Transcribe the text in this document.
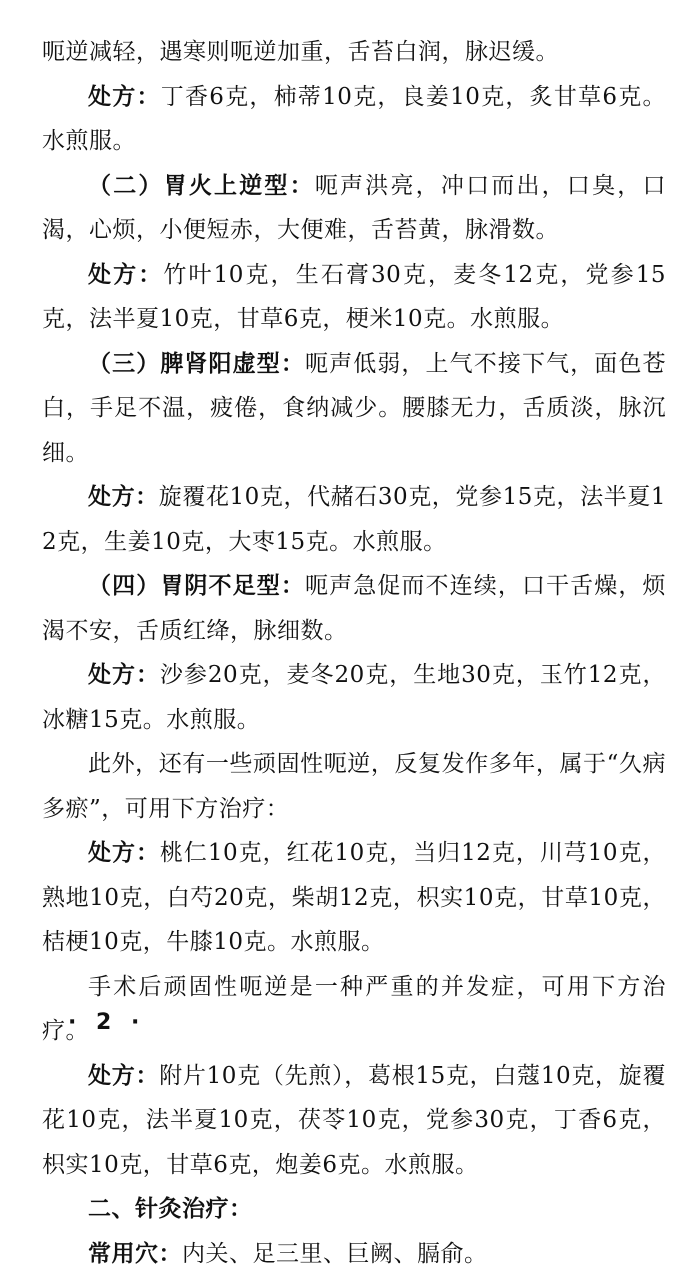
呃逆减轻，遇寒则呃逆加重，舌苔白润，脉迟缓。

处方：丁香6克，柿蒂10克，良姜10克，炙甘草6克。水煎服。

（二）胃火上逆型：呃声洪亮，冲口而出，口臭，口渴，心烦，小便短赤，大便难，舌苔黄，脉滑数。

处方：竹叶10克，生石膏30克，麦冬12克，党参15克，法半夏10克，甘草6克，梗米10克。水煎服。

（三）脾肾阳虚型：呃声低弱，上气不接下气，面色苍白，手足不温，疲倦，食纳减少。腰膝无力，舌质淡，脉沉细。

处方：旋覆花10克，代赭石30克，党参15克，法半夏12克，生姜10克，大枣15克。水煎服。

（四）胃阴不足型：呃声急促而不连续，口干舌燥，烦渴不安，舌质红绛，脉细数。

处方：沙参20克，麦冬20克，生地30克，玉竹12克，冰糖15克。水煎服。

此外，还有一些顽固性呃逆，反复发作多年，属于“久病多瘀”，可用下方治疗：

处方：桃仁10克，红花10克，当归12克，川芎10克，熟地10克，白芍20克，柴胡12克，枳实10克，甘草10克，桔梗10克，牛膝10克。水煎服。

手术后顽固性呃逆是一种严重的并发症，可用下方治疗。

处方：附片10克（先煎），葛根15克，白蔻10克，旋覆花10克，法半夏10克，茯苓10克，党参30克，丁香6克，枳实10克，甘草6克，炮姜6克。水煎服。

二、针灸治疗：

常用穴：内关、足三里、巨阙、膈俞。

· 2 ·
